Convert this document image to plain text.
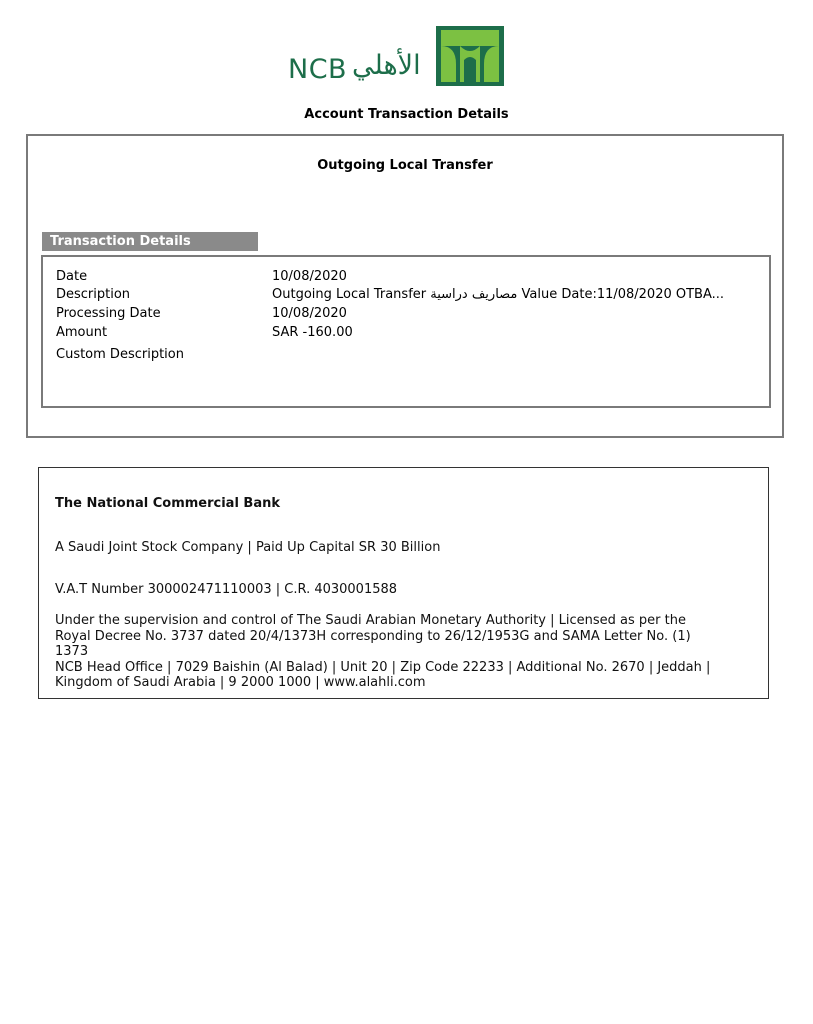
NCB الأهلي
Account Transaction Details
Outgoing Local Transfer
Transaction Details
Date	10/08/2020
Description	Outgoing Local Transfer مصاريف دراسية Value Date:11/08/2020 OTBA...
Processing Date	10/08/2020
Amount	SAR -160.00
Custom Description
The National Commercial Bank
A Saudi Joint Stock Company | Paid Up Capital SR 30 Billion
V.A.T Number 300002471110003 | C.R. 4030001588
Under the supervision and control of The Saudi Arabian Monetary Authority | Licensed as per the
Royal Decree No. 3737 dated 20/4/1373H corresponding to 26/12/1953G and SAMA Letter No. (1)
1373
NCB Head Office | 7029 Baishin (Al Balad) | Unit 20 | Zip Code 22233 | Additional No. 2670 | Jeddah |
Kingdom of Saudi Arabia | 9 2000 1000 | www.alahli.com
